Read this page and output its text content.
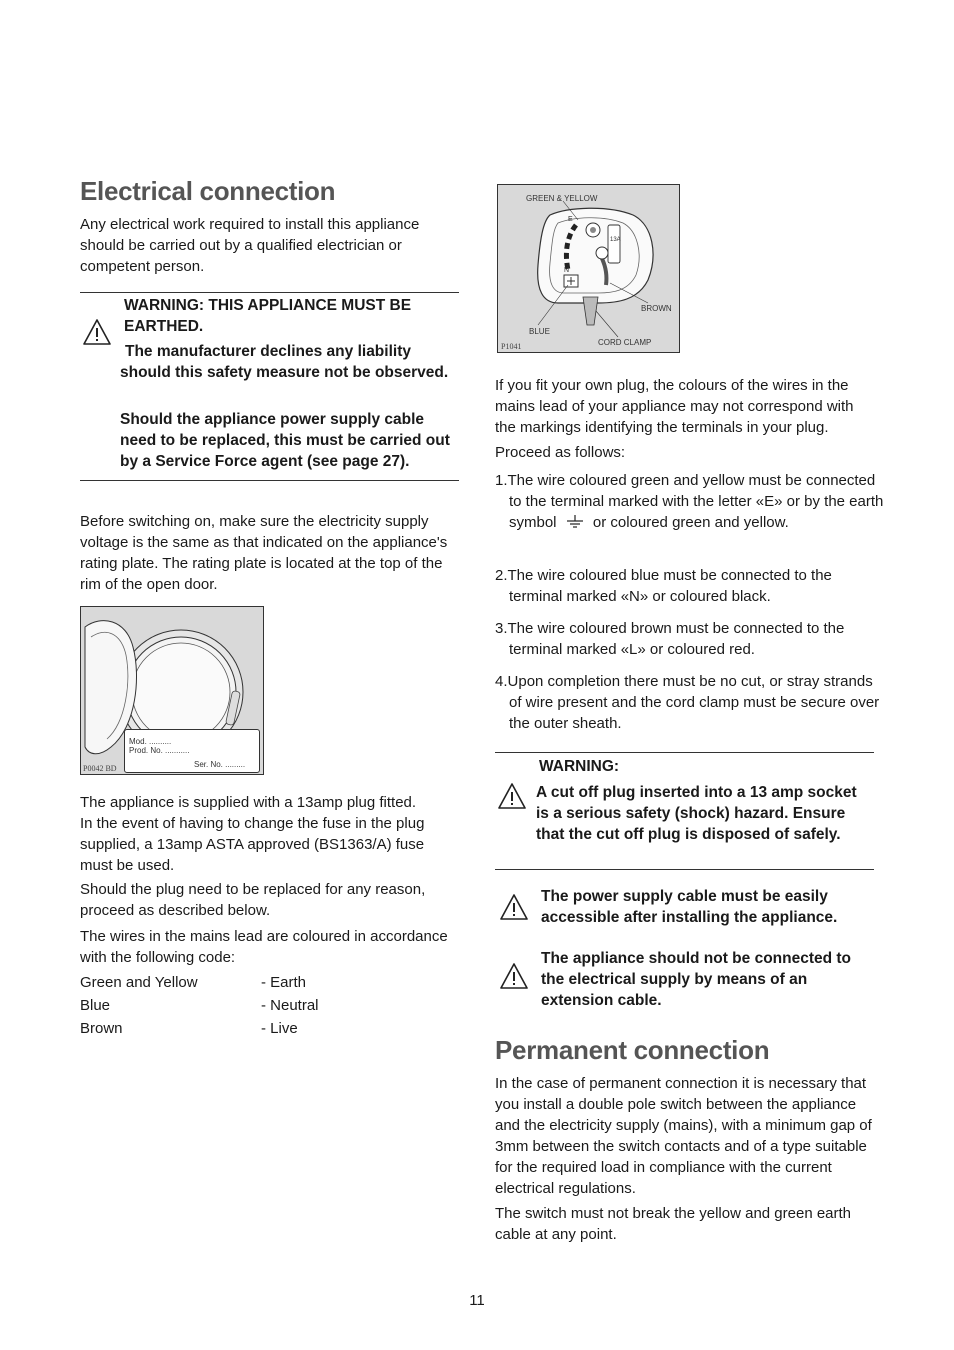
Electrical connection

Any electrical work required to install this appliance should be carried out by a qualified electrician or competent person.

WARNING: THIS APPLIANCE MUST BE EARTHED.

The manufacturer declines any liability should this safety measure not be observed.

Should the appliance power supply cable need to be replaced, this must be carried out by a Service Force agent (see page 27).

Before switching on, make sure the electricity supply voltage is the same as that indicated on the appliance's rating plate. The rating plate is located at the top of the rim of the open door.

Mod. ..........
Prod. No. ...........
Ser. No. .........
P0042 BD

The appliance is supplied with a 13amp plug fitted.

In the event of having to change the fuse in the plug supplied, a 13amp ASTA approved (BS1363/A) fuse must be used.

Should the plug need to be replaced for any reason, proceed as described below.

The wires in the mains lead are coloured in accordance with the following code:

Green and Yellow	- Earth
Blue	- Neutral
Brown	- Live
GREEN & YELLOW
E
N
13A
BROWN
BLUE
CORD CLAMP
P1041

If you fit your own plug, the colours of the wires in the mains lead of your appliance may not correspond with the markings identifying the terminals in your plug.

Proceed as follows:

1.The wire coloured green and yellow must be connected to the terminal marked with the letter «E» or by the earth symbol or coloured green and yellow.
2.The wire coloured blue must be connected to the terminal marked «N» or coloured black.
3.The wire coloured brown must be connected to the terminal marked «L» or coloured red.
4.Upon completion there must be no cut, or stray strands of wire present and the cord clamp must be secure over the outer sheath.

WARNING:

A cut off plug inserted into a 13 amp socket is a serious safety (shock) hazard. Ensure that the cut off plug is disposed of safely.

The power supply cable must be easily accessible after installing the appliance.

The appliance should not be connected to the electrical supply by means of an extension cable.

Permanent connection

In the case of permanent connection it is necessary that you install a double pole switch between the appliance and the electricity supply (mains), with a minimum gap of 3mm between the switch contacts and of a type suitable for the required load in compliance with the current electrical regulations.

The switch must not break the yellow and green earth cable at any point.

11
